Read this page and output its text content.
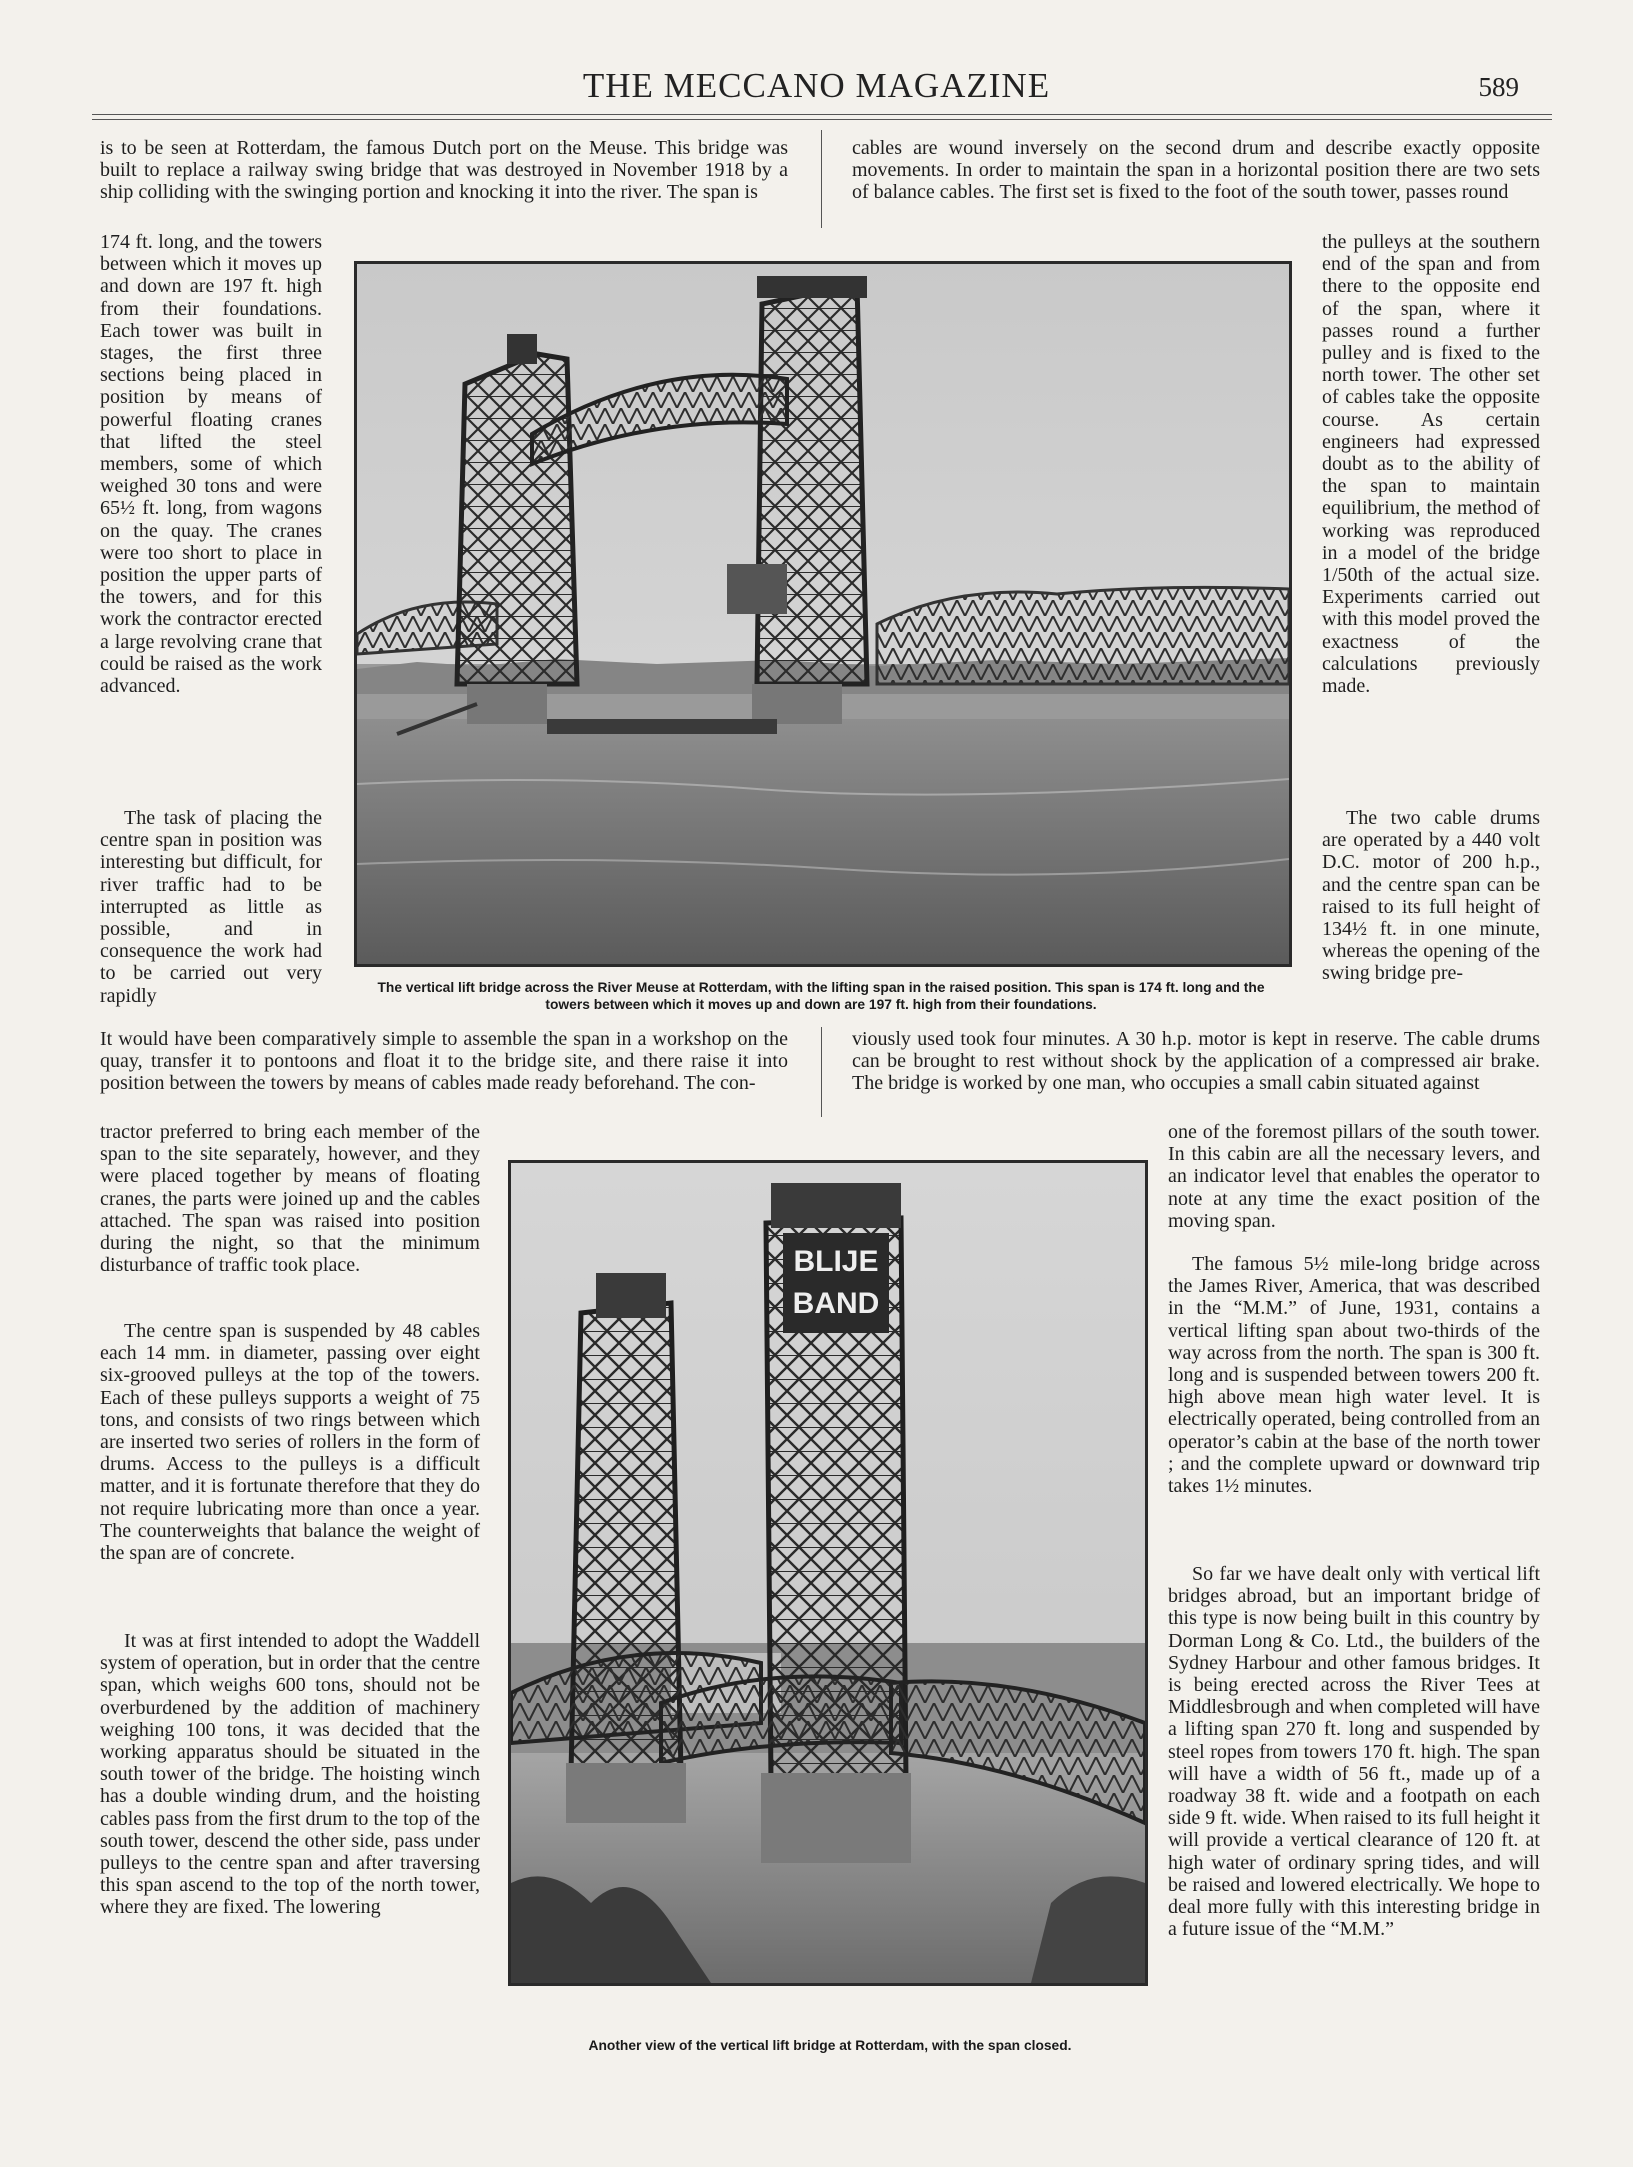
THE MECCANO MAGAZINE	589

is to be seen at Rotterdam, the famous Dutch port on the Meuse. This bridge was built to replace a railway swing bridge that was destroyed in November 1918 by a ship colliding with the swinging portion and knocking it into the river. The span is

174 ft. long, and the towers between which it moves up and down are 197 ft. high from their foundations. Each tower was built in stages, the first three sections being placed in position by means of powerful floating cranes that lifted the steel members, some of which weighed 30 tons and were 65½ ft. long, from wagons on the quay. The cranes were too short to place in position the upper parts of the towers, and for this work the contractor erected a large revolving crane that could be raised as the work advanced.

The task of placing the centre span in position was interesting but difficult, for river traffic had to be interrupted as little as possible, and in consequence the work had to be carried out very rapidly

It would have been comparatively simple to assemble the span in a workshop on the quay, transfer it to pontoons and float it to the bridge site, and there raise it into position between the towers by means of cables made ready beforehand. The con-

tractor preferred to bring each member of the span to the site separately, however, and they were placed together by means of floating cranes, the parts were joined up and the cables attached. The span was raised into position during the night, so that the minimum disturbance of traffic took place.

The centre span is suspended by 48 cables each 14 mm. in diameter, passing over eight six-grooved pulleys at the top of the towers. Each of these pulleys supports a weight of 75 tons, and consists of two rings between which are inserted two series of rollers in the form of drums. Access to the pulleys is a difficult matter, and it is fortunate therefore that they do not require lubricating more than once a year. The counterweights that balance the weight of the span are of concrete.

It was at first intended to adopt the Waddell system of operation, but in order that the centre span, which weighs 600 tons, should not be overburdened by the addition of machinery weighing 100 tons, it was decided that the working apparatus should be situated in the south tower of the bridge. The hoisting winch has a double winding drum, and the hoisting cables pass from the first drum to the top of the south tower, descend the other side, pass under pulleys to the centre span and after traversing this span ascend to the top of the north tower, where they are fixed. The lowering

cables are wound inversely on the second drum and describe exactly opposite movements. In order to maintain the span in a horizontal position there are two sets of balance cables. The first set is fixed to the foot of the south tower, passes round

the pulleys at the southern end of the span and from there to the opposite end of the span, where it passes round a further pulley and is fixed to the north tower. The other set of cables take the opposite course. As certain engineers had expressed doubt as to the ability of the span to maintain equilibrium, the method of working was reproduced in a model of the bridge 1/50th of the actual size. Experiments carried out with this model proved the exactness of the calculations previously made.

The two cable drums are operated by a 440 volt D.C. motor of 200 h.p., and the centre span can be raised to its full height of 134½ ft. in one minute, whereas the opening of the swing bridge pre-

viously used took four minutes. A 30 h.p. motor is kept in reserve. The cable drums can be brought to rest without shock by the application of a compressed air brake. The bridge is worked by one man, who occupies a small cabin situated against

one of the foremost pillars of the south tower. In this cabin are all the necessary levers, and an indicator level that enables the operator to note at any time the exact position of the moving span.

The famous 5½ mile-long bridge across the James River, America, that was described in the “M.M.” of June, 1931, contains a vertical lifting span about two-thirds of the way across from the north. The span is 300 ft. long and is suspended between towers 200 ft. high above mean high water level. It is electrically operated, being controlled from an operator’s cabin at the base of the north tower ; and the complete upward or downward trip takes 1½ minutes.

So far we have dealt only with vertical lift bridges abroad, but an important bridge of this type is now being built in this country by Dorman Long & Co. Ltd., the builders of the Sydney Harbour and other famous bridges. It is being erected across the River Tees at Middlesbrough and when completed will have a lifting span 270 ft. long and suspended by steel ropes from towers 170 ft. high. The span will have a width of 56 ft., made up of a roadway 38 ft. wide and a footpath on each side 9 ft. wide. When raised to its full height it will provide a vertical clearance of 120 ft. at high water of ordinary spring tides, and will be raised and lowered electrically. We hope to deal more fully with this interesting bridge in a future issue of the “M.M.”

The vertical lift bridge across the River Meuse at Rotterdam, with the lifting span in the raised position. This span is 174 ft. long and the towers between which it moves up and down are 197 ft. high from their foundations.

BLIJE
BAND

Another view of the vertical lift bridge at Rotterdam, with the span closed.
